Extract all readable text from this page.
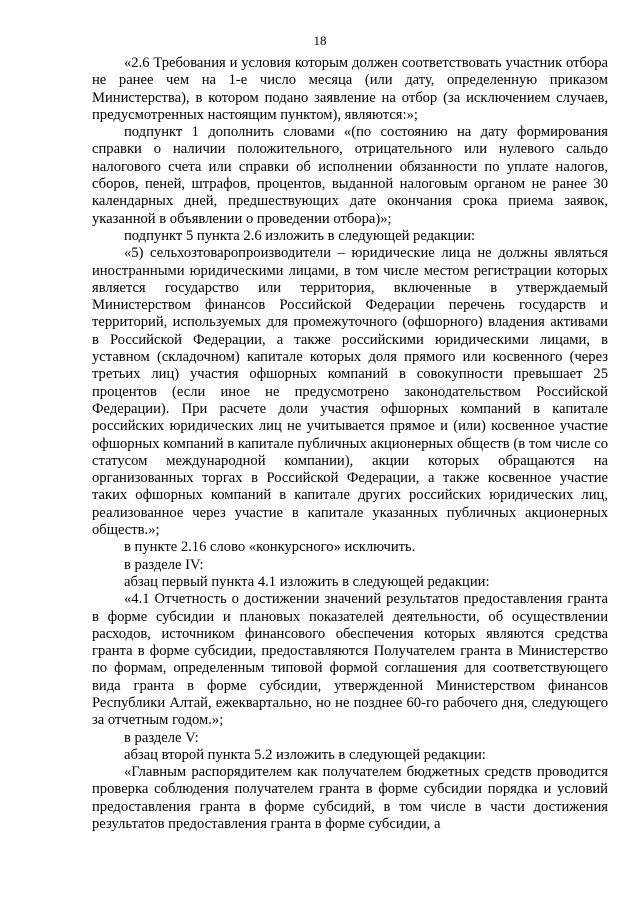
18

«2.6 Требования и условия которым должен соответствовать участник отбора не ранее чем на 1-е число месяца (или дату, определенную приказом Министерства), в котором подано заявление на отбор (за исключением случаев, предусмотренных настоящим пунктом), являются:»;

подпункт 1 дополнить словами «(по состоянию на дату формирования справки о наличии положительного, отрицательного или нулевого сальдо налогового счета или справки об исполнении обязанности по уплате налогов, сборов, пеней, штрафов, процентов, выданной налоговым органом не ранее 30 календарных дней, предшествующих дате окончания срока приема заявок, указанной в объявлении о проведении отбора)»;

подпункт 5 пункта 2.6 изложить в следующей редакции:

«5) сельхозтоваропроизводители – юридические лица не должны являться иностранными юридическими лицами, в том числе местом регистрации которых является государство или территория, включенные в утверждаемый Министерством финансов Российской Федерации перечень государств и территорий, используемых для промежуточного (офшорного) владения активами в Российской Федерации, а также российскими юридическими лицами, в уставном (складочном) капитале которых доля прямого или косвенного (через третьих лиц) участия офшорных компаний в совокупности превышает 25 процентов (если иное не предусмотрено законодательством Российской Федерации). При расчете доли участия офшорных компаний в капитале российских юридических лиц не учитывается прямое и (или) косвенное участие офшорных компаний в капитале публичных акционерных обществ (в том числе со статусом международной компании), акции которых обращаются на организованных торгах в Российской Федерации, а также косвенное участие таких офшорных компаний в капитале других российских юридических лиц, реализованное через участие в капитале указанных публичных акционерных обществ.»;

в пункте 2.16 слово «конкурсного» исключить.

в разделе IV:

абзац первый пункта 4.1 изложить в следующей редакции:

«4.1 Отчетность о достижении значений результатов предоставления гранта в форме субсидии и плановых показателей деятельности, об осуществлении расходов, источником финансового обеспечения которых являются средства гранта в форме субсидии, предоставляются Получателем гранта в Министерство по формам, определенным типовой формой соглашения для соответствующего вида гранта в форме субсидии, утвержденной Министерством финансов Республики Алтай, ежеквартально, но не позднее 60-го рабочего дня, следующего за отчетным годом.»;

в разделе V:

абзац второй пункта 5.2 изложить в следующей редакции:

«Главным распорядителем как получателем бюджетных средств проводится проверка соблюдения получателем гранта в форме субсидии порядка и условий предоставления гранта в форме субсидий, в том числе в части достижения результатов предоставления гранта в форме субсидии, а
